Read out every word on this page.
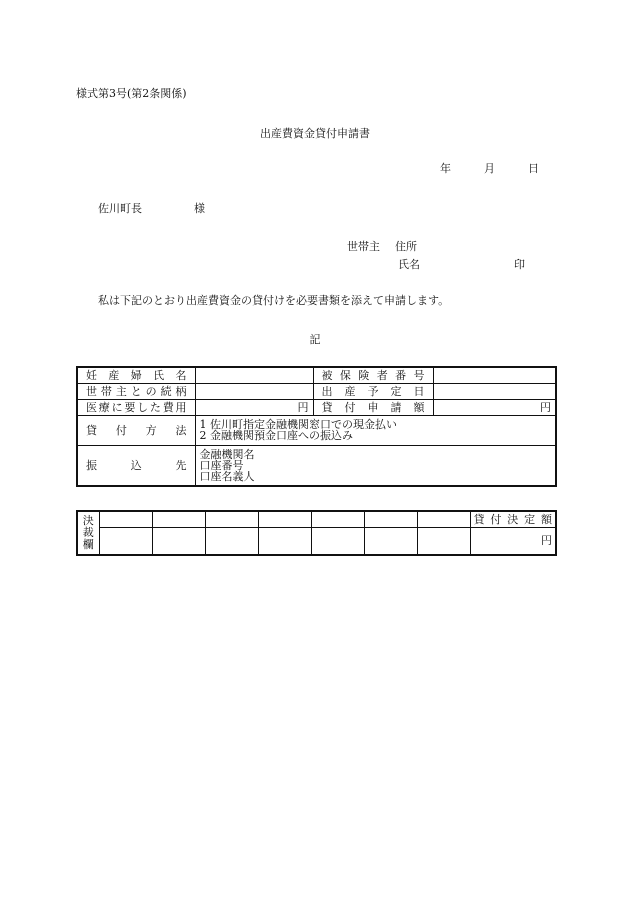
様式第3号(第2条関係)
出産費資金貸付申請書
年	月	日
佐川町長	様
世帯主 住所
氏名	印
私は下記のとおり出産費資金の貸付けを必要書類を添えて申請します。
記
妊 産 婦 氏 名		被 保 険 者 番 号	
世帯主との続柄		出 産 予 定 日	
医療に要した費用	円	貸 付 申 請 額	円
貸 付 方 法	1 佐川町指定金融機関窓口での現金払い
2 金融機関預金口座への振込み		

振 込 先	金融機関名
口座番号
口座名義人		
決
裁
欄								貸付決定額
								円
